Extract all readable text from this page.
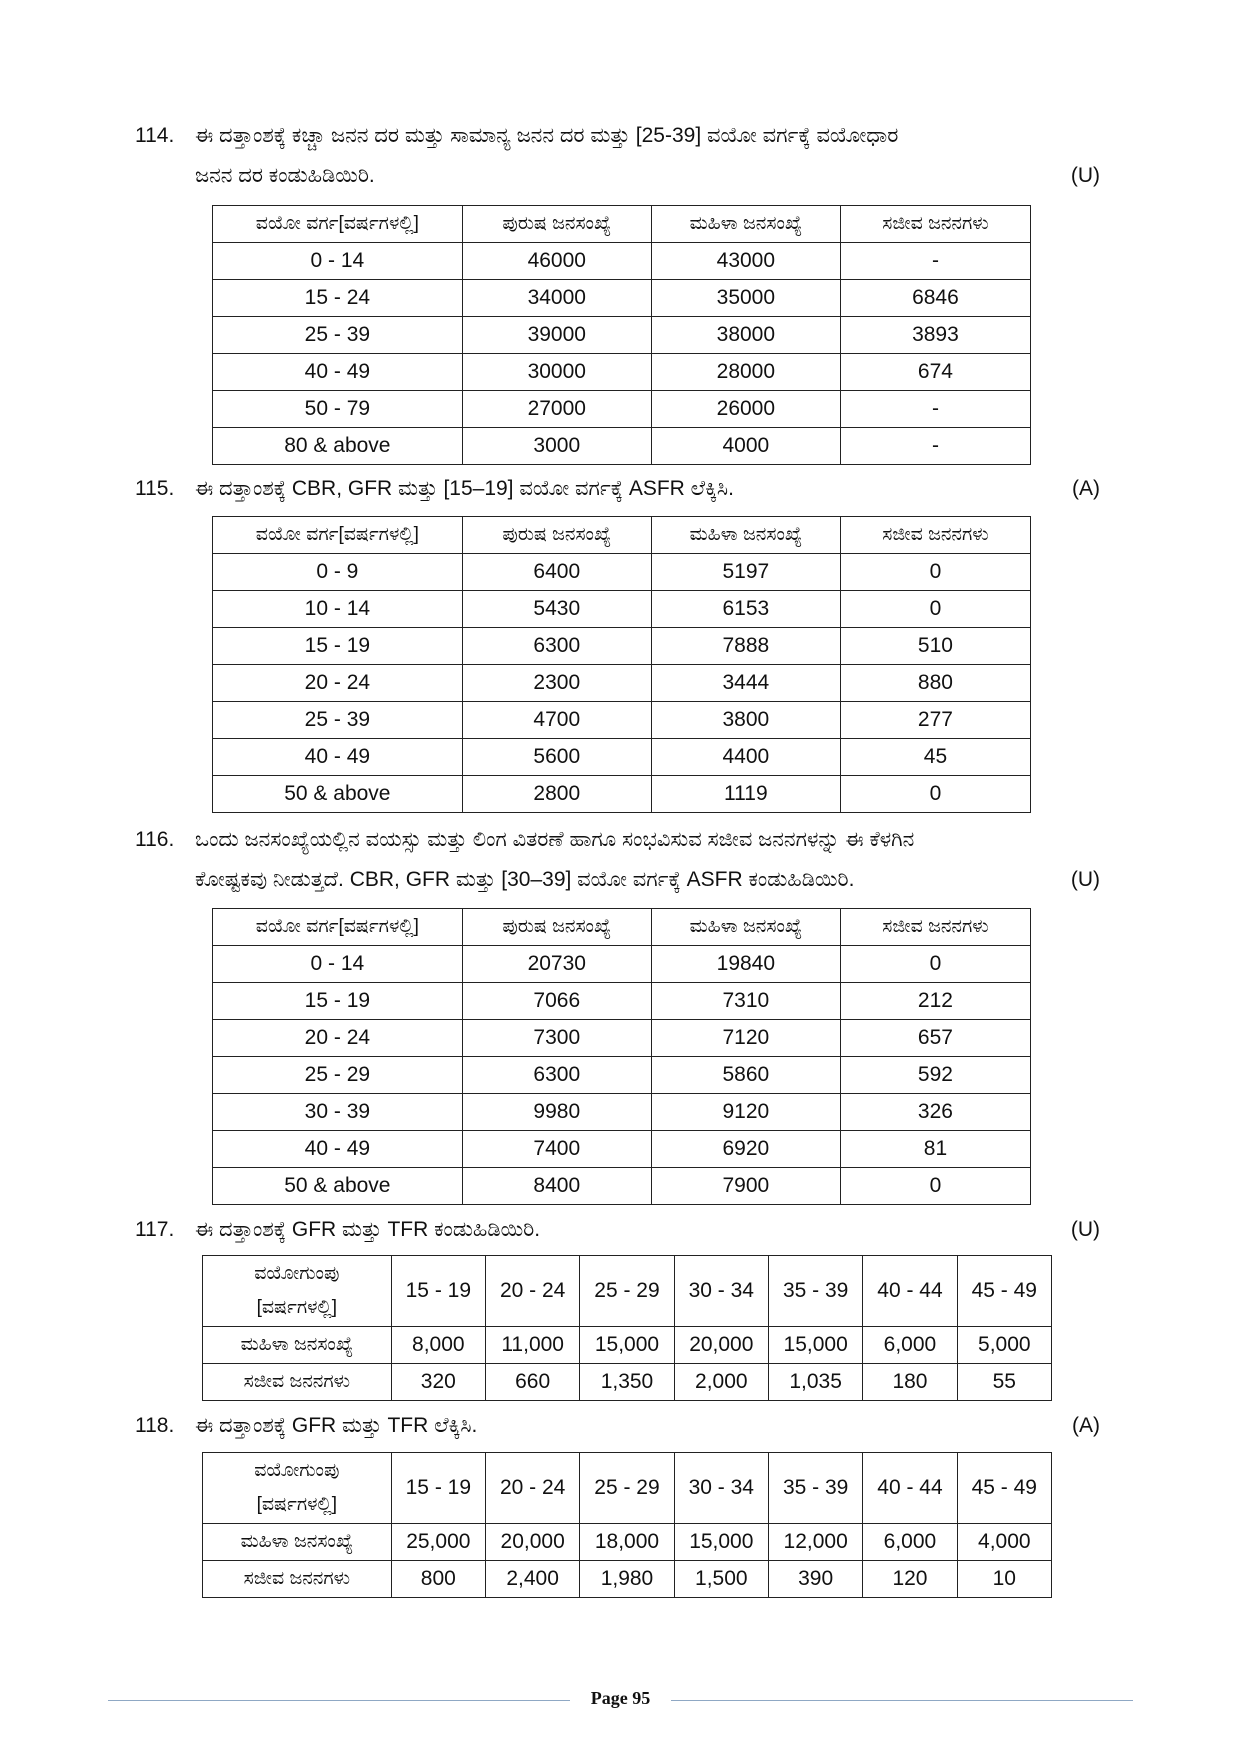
114. ಈ ದತ್ತಾಂಶಕ್ಕೆ ಕಚ್ಚಾ ಜನನ ದರ ಮತ್ತು ಸಾಮಾನ್ಯ ಜನನ ದರ ಮತ್ತು [25-39] ವಯೋ ವರ್ಗಕ್ಕೆ ವಯೋಧಾರ
ಜನನ ದರ ಕಂಡುಹಿಡಿಯಿರಿ.	(U)
ವಯೋ ವರ್ಗ[ವರ್ಷಗಳಲ್ಲಿ]	ಪುರುಷ ಜನಸಂಖ್ಯೆ	ಮಹಿಳಾ ಜನಸಂಖ್ಯೆ	ಸಜೀವ ಜನನಗಳು
0 - 14	46000	43000	-
15 - 24	34000	35000	6846
25 - 39	39000	38000	3893
40 - 49	30000	28000	674
50 - 79	27000	26000	-
80 & above	3000	4000	-
115. ಈ ದತ್ತಾಂಶಕ್ಕೆ CBR, GFR ಮತ್ತು [15–19] ವಯೋ ವರ್ಗಕ್ಕೆ ASFR ಲೆಕ್ಕಿಸಿ.	(A)
ವಯೋ ವರ್ಗ[ವರ್ಷಗಳಲ್ಲಿ]	ಪುರುಷ ಜನಸಂಖ್ಯೆ	ಮಹಿಳಾ ಜನಸಂಖ್ಯೆ	ಸಜೀವ ಜನನಗಳು
0 - 9	6400	5197	0
10 - 14	5430	6153	0
15 - 19	6300	7888	510
20 - 24	2300	3444	880
25 - 39	4700	3800	277
40 - 49	5600	4400	45
50 & above	2800	1119	0
116. ಒಂದು ಜನಸಂಖ್ಯೆಯಲ್ಲಿನ ವಯಸ್ಸು ಮತ್ತು ಲಿಂಗ ವಿತರಣೆ ಹಾಗೂ ಸಂಭವಿಸುವ ಸಜೀವ ಜನನಗಳನ್ನು ಈ ಕೆಳಗಿನ
ಕೋಷ್ಟಕವು ನೀಡುತ್ತದೆ. CBR, GFR ಮತ್ತು [30–39] ವಯೋ ವರ್ಗಕ್ಕೆ ASFR ಕಂಡುಹಿಡಿಯಿರಿ.	(U)
ವಯೋ ವರ್ಗ[ವರ್ಷಗಳಲ್ಲಿ]	ಪುರುಷ ಜನಸಂಖ್ಯೆ	ಮಹಿಳಾ ಜನಸಂಖ್ಯೆ	ಸಜೀವ ಜನನಗಳು
0 - 14	20730	19840	0
15 - 19	7066	7310	212
20 - 24	7300	7120	657
25 - 29	6300	5860	592
30 - 39	9980	9120	326
40 - 49	7400	6920	81
50 & above	8400	7900	0
117. ಈ ದತ್ತಾಂಶಕ್ಕೆ GFR ಮತ್ತು TFR ಕಂಡುಹಿಡಿಯಿರಿ.	(U)
ವಯೋಗುಂಪು
[ವರ್ಷಗಳಲ್ಲಿ]	15 - 19	20 - 24	25 - 29	30 - 34	35 - 39	40 - 44	45 - 49
ಮಹಿಳಾ ಜನಸಂಖ್ಯೆ	8,000	11,000	15,000	20,000	15,000	6,000	5,000
ಸಜೀವ ಜನನಗಳು	320	660	1,350	2,000	1,035	180	55
118. ಈ ದತ್ತಾಂಶಕ್ಕೆ GFR ಮತ್ತು TFR ಲೆಕ್ಕಿಸಿ.	(A)
ವಯೋಗುಂಪು
[ವರ್ಷಗಳಲ್ಲಿ]	15 - 19	20 - 24	25 - 29	30 - 34	35 - 39	40 - 44	45 - 49
ಮಹಿಳಾ ಜನಸಂಖ್ಯೆ	25,000	20,000	18,000	15,000	12,000	6,000	4,000
ಸಜೀವ ಜನನಗಳು	800	2,400	1,980	1,500	390	120	10
Page 95
